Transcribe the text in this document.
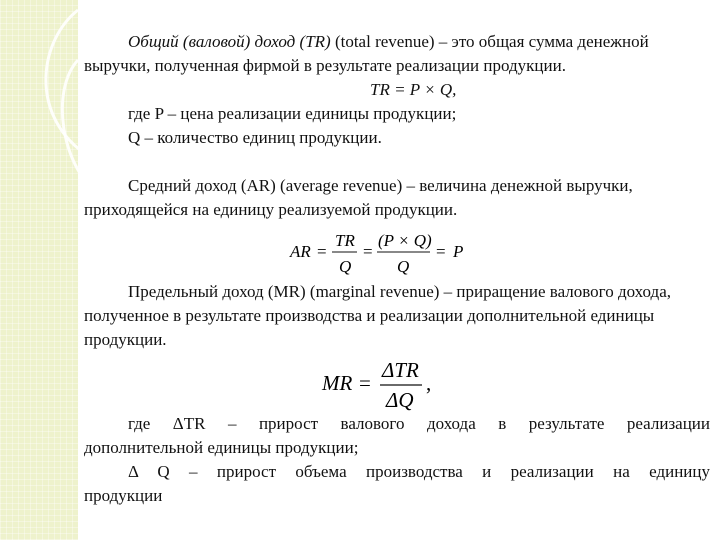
Общий (валовой) доход (TR) (total revenue) – это общая сумма денежной выручки, полученная фирмой в результате реализации продукции.

TR = P × Q,

где P – цена реализации единицы продукции;

Q – количество единиц продукции.

Средний доход (AR) (average revenue) – величина денежной выручки, приходящейся на единицу реализуемой продукции.

AR =
TR
Q
=
(P × Q)
Q
= P

Предельный доход (MR) (marginal revenue) – приращение валового дохода, полученное в результате производства и реализации дополнительной единицы продукции.

MR =
ΔTR
ΔQ
,

где ΔTR – прирост валового дохода в результате реализации

дополнительной единицы продукции;

Δ Q – прирост объема производства и реализации на единицу

продукции
